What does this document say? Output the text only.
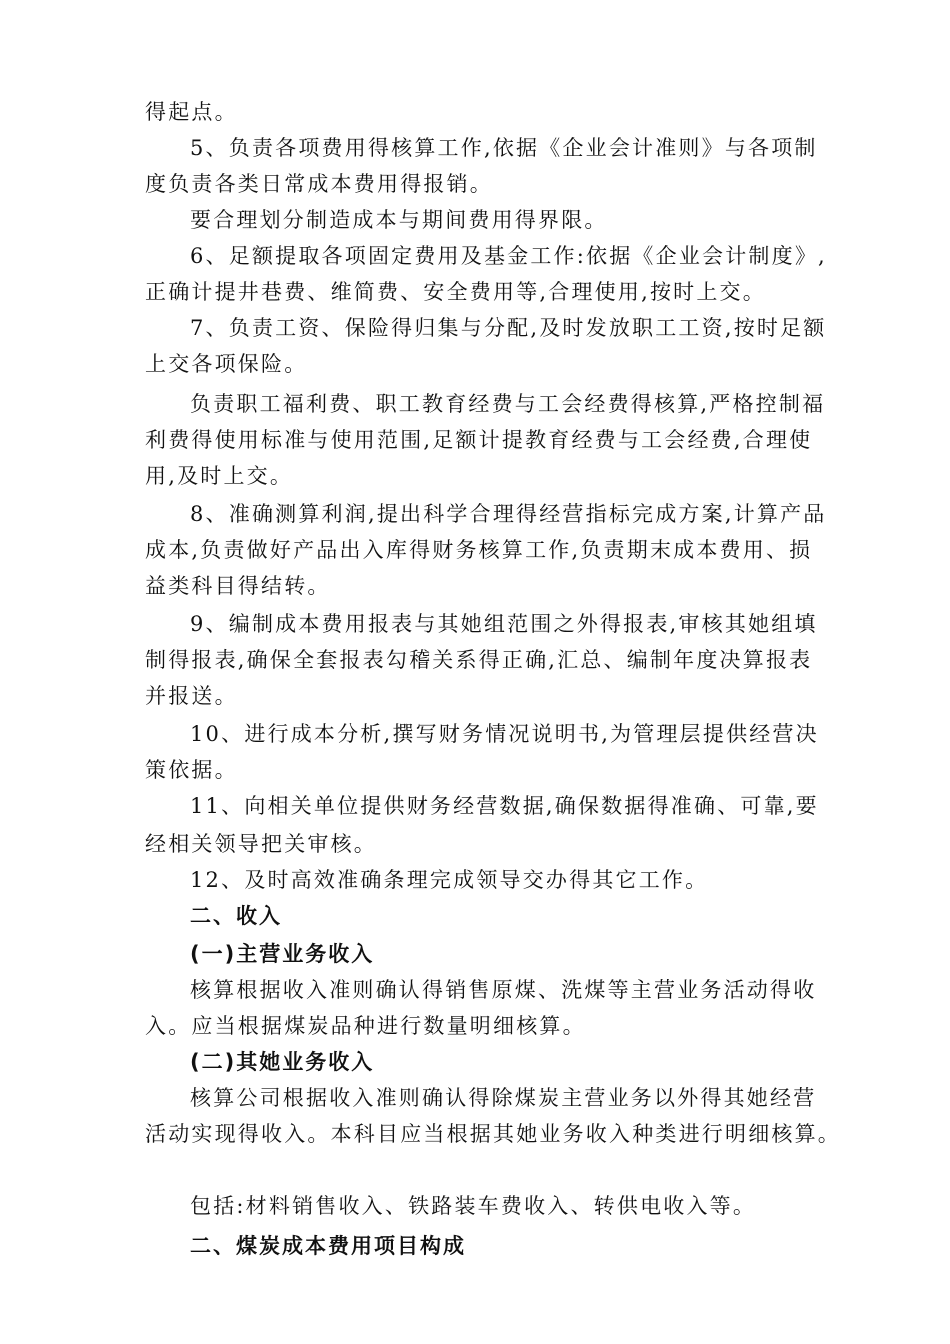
得起点。
5、负责各项费用得核算工作,依据《企业会计准则》与各项制
度负责各类日常成本费用得报销。
要合理划分制造成本与期间费用得界限。
6、足额提取各项固定费用及基金工作:依据《企业会计制度》,
正确计提井巷费、维简费、安全费用等,合理使用,按时上交。
7、负责工资、保险得归集与分配,及时发放职工工资,按时足额
上交各项保险。
负责职工福利费、职工教育经费与工会经费得核算,严格控制福
利费得使用标准与使用范围,足额计提教育经费与工会经费,合理使
用,及时上交。
8、准确测算利润,提出科学合理得经营指标完成方案,计算产品
成本,负责做好产品出入库得财务核算工作,负责期末成本费用、损
益类科目得结转。
9、编制成本费用报表与其她组范围之外得报表,审核其她组填
制得报表,确保全套报表勾稽关系得正确,汇总、编制年度决算报表
并报送。
10、进行成本分析,撰写财务情况说明书,为管理层提供经营决
策依据。
11、向相关单位提供财务经营数据,确保数据得准确、可靠,要
经相关领导把关审核。
12、及时高效准确条理完成领导交办得其它工作。
二、收入
(一)主营业务收入
核算根据收入准则确认得销售原煤、洗煤等主营业务活动得收
入。应当根据煤炭品种进行数量明细核算。
(二)其她业务收入
核算公司根据收入准则确认得除煤炭主营业务以外得其她经营
活动实现得收入。本科目应当根据其她业务收入种类进行明细核算。
包括:材料销售收入、铁路装车费收入、转供电收入等。
二、煤炭成本费用项目构成
